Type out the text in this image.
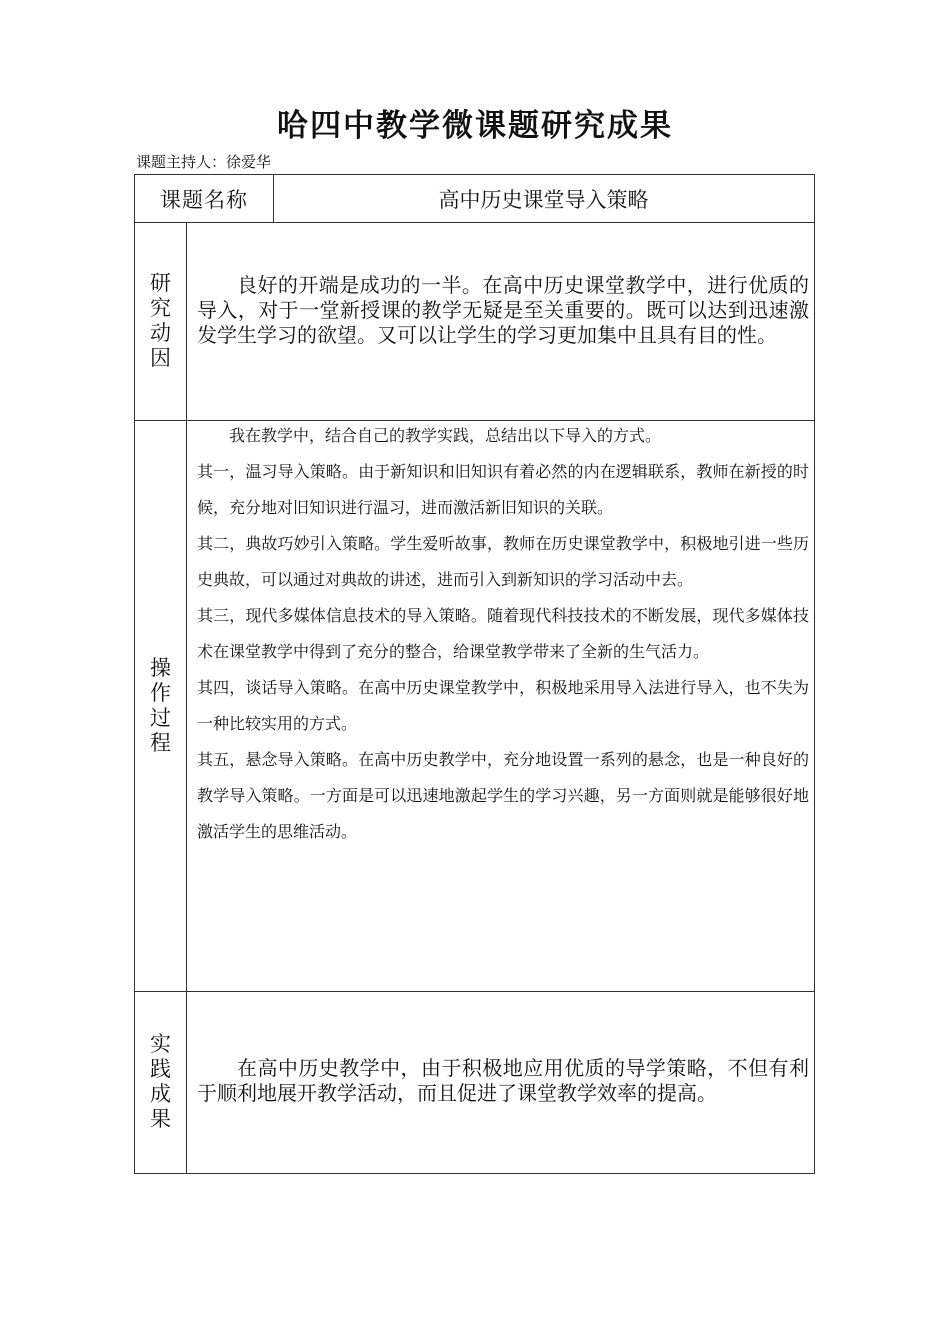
哈四中教学微课题研究成果
课题主持人：徐爱华
课题名称	高中历史课堂导入策略
研究动因

良好的开端是成功的一半。在高中历史课堂教学中，进行优质的导入，对于一堂新授课的教学无疑是至关重要的。既可以达到迅速激发学生学习的欲望。又可以让学生的学习更加集中且具有目的性。

操作过程

我在教学中，结合自己的教学实践，总结出以下导入的方式。

其一，温习导入策略。由于新知识和旧知识有着必然的内在逻辑联系，教师在新授的时候，充分地对旧知识进行温习，进而激活新旧知识的关联。

其二，典故巧妙引入策略。学生爱听故事，教师在历史课堂教学中，积极地引进一些历史典故，可以通过对典故的讲述，进而引入到新知识的学习活动中去。

其三，现代多媒体信息技术的导入策略。随着现代科技技术的不断发展，现代多媒体技术在课堂教学中得到了充分的整合，给课堂教学带来了全新的生气活力。

其四，谈话导入策略。在高中历史课堂教学中，积极地采用导入法进行导入，也不失为一种比较实用的方式。

其五，悬念导入策略。在高中历史教学中，充分地设置一系列的悬念，也是一种良好的教学导入策略。一方面是可以迅速地激起学生的学习兴趣，另一方面则就是能够很好地激活学生的思维活动。

实践成果

在高中历史教学中，由于积极地应用优质的导学策略，不但有利于顺利地展开教学活动，而且促进了课堂教学效率的提高。
